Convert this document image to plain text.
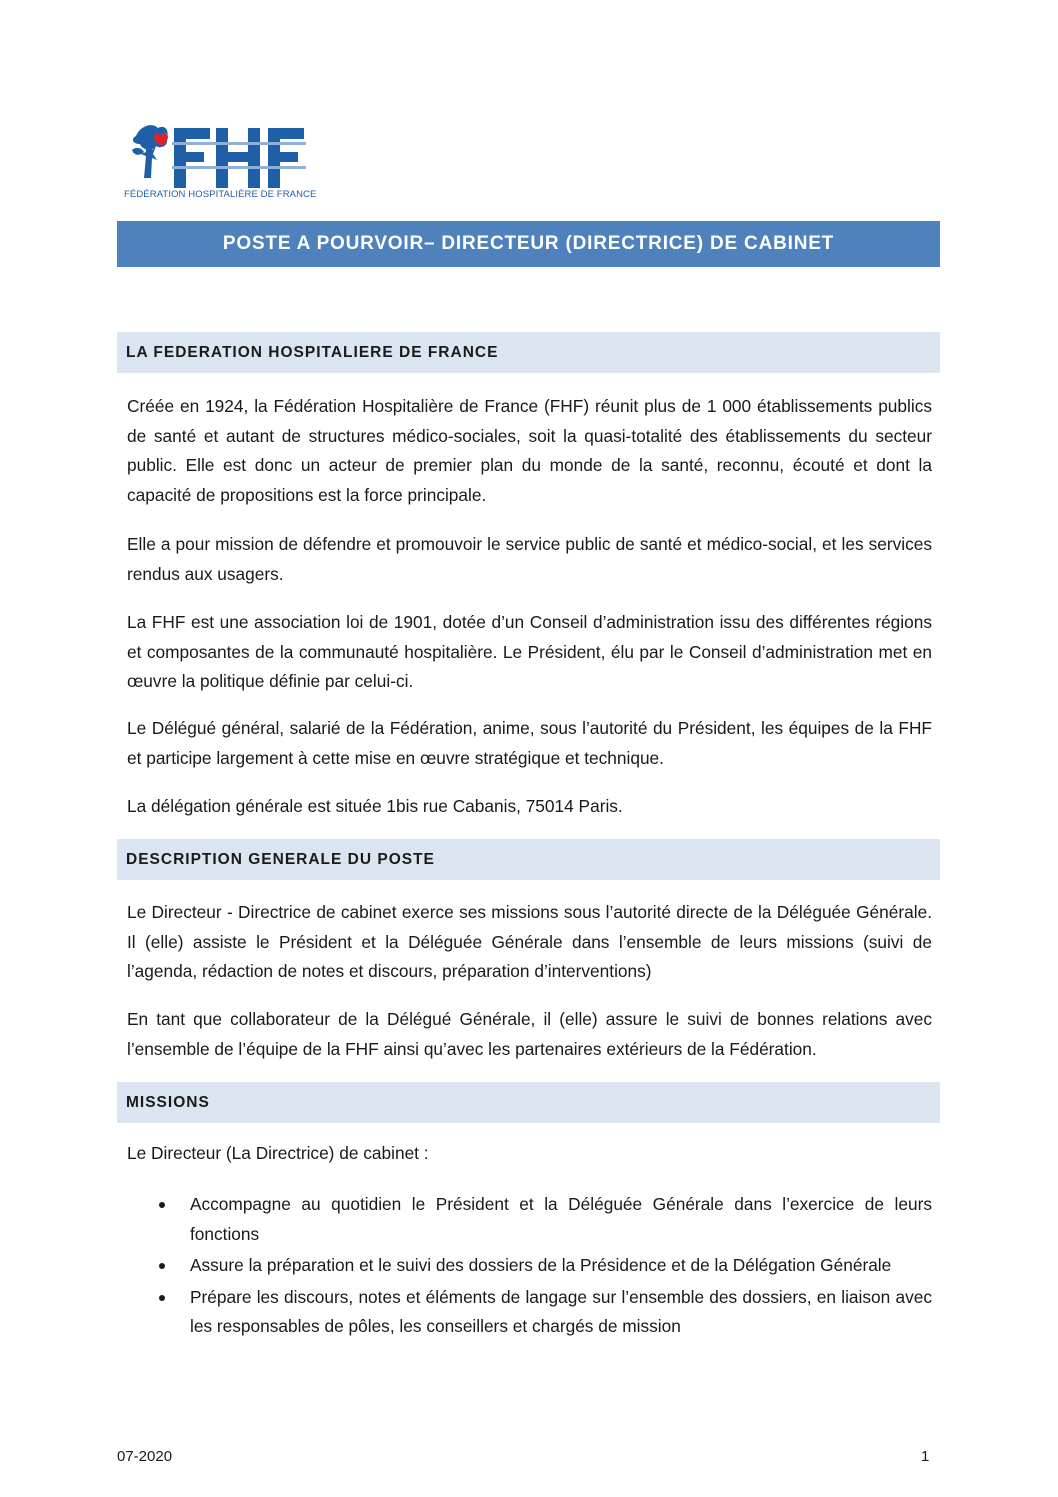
FÉDÉRATION HOSPITALIÈRE DE FRANCE
POSTE A POURVOIR– DIRECTEUR (DIRECTRICE) DE CABINET
LA FEDERATION HOSPITALIERE DE FRANCE

Créée en 1924, la Fédération Hospitalière de France (FHF) réunit plus de 1 000 établissements publics de santé et autant de structures médico-sociales, soit la quasi-totalité des établissements du secteur public. Elle est donc un acteur de premier plan du monde de la santé, reconnu, écouté et dont la capacité de propositions est la force principale.

Elle a pour mission de défendre et promouvoir le service public de santé et médico-social, et les services rendus aux usagers.

La FHF est une association loi de 1901, dotée d’un Conseil d’administration issu des différentes régions et composantes de la communauté hospitalière. Le Président, élu par le Conseil d’administration met en œuvre la politique définie par celui-ci.

Le Délégué général, salarié de la Fédération, anime, sous l’autorité du Président, les équipes de la FHF et participe largement à cette mise en œuvre stratégique et technique.

La délégation générale est située 1bis rue Cabanis, 75014 Paris.

DESCRIPTION GENERALE DU POSTE

Le Directeur - Directrice de cabinet exerce ses missions sous l’autorité directe de la Déléguée Générale. Il (elle) assiste le Président et la Déléguée Générale dans l’ensemble de leurs missions (suivi de l’agenda, rédaction de notes et discours, préparation d’interventions)

En tant que collaborateur de la Délégué Générale, il (elle) assure le suivi de bonnes relations avec l’ensemble de l’équipe de la FHF ainsi qu’avec les partenaires extérieurs de la Fédération.

MISSIONS

Le Directeur (La Directrice) de cabinet :

Accompagne au quotidien le Président et la Déléguée Générale dans l’exercice de leurs fonctions
Assure la préparation et le suivi des dossiers de la Présidence et de la Délégation Générale
Prépare les discours, notes et éléments de langage sur l’ensemble des dossiers, en liaison avec les responsables de pôles, les conseillers et chargés de mission
07-2020	1
